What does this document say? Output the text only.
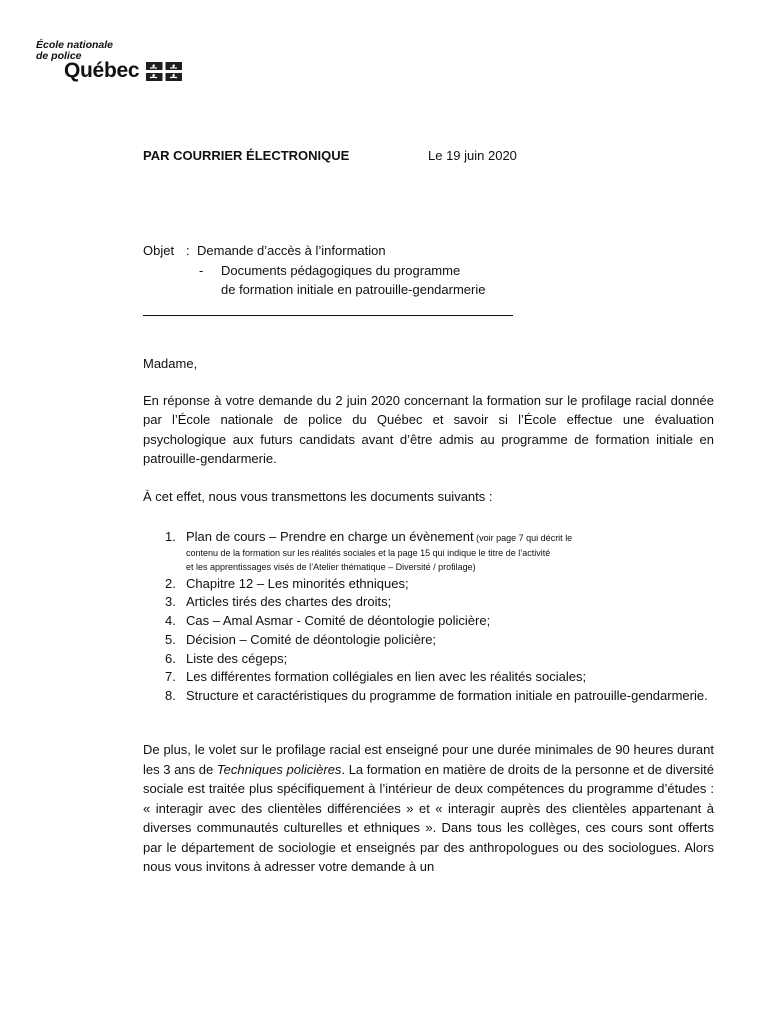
École nationale
de police
Québec
PAR COURRIER ÉLECTRONIQUE	Le 19 juin 2020
Objet : Demande d’accès à l’information
- Documents pédagogiques du programme
de formation initiale en patrouille-gendarmerie
Madame,

En réponse à votre demande du 2 juin 2020 concernant la formation sur le profilage racial donnée par l’École nationale de police du Québec et savoir si l’École effectue une évaluation psychologique aux futurs candidats avant d’être admis au programme de formation initiale en patrouille-gendarmerie.

À cet effet, nous vous transmettons les documents suivants :
1. Plan de cours – Prendre en charge un évènement (voir page 7 qui décrit le
contenu de la formation sur les réalités sociales et la page 15 qui indique le titre de l’activité
et les apprentissages visés de l’Atelier thématique – Diversité / profilage)
2. Chapitre 12 – Les minorités ethniques;
3. Articles tirés des chartes des droits;
4. Cas – Amal Asmar - Comité de déontologie policière;
5. Décision – Comité de déontologie policière;
6. Liste des cégeps;
7. Les différentes formation collégiales en lien avec les réalités sociales;
8. Structure et caractéristiques du programme de formation initiale en patrouille-gendarmerie.

De plus, le volet sur le profilage racial est enseigné pour une durée minimales de 90 heures durant les 3 ans de Techniques policières. La formation en matière de droits de la personne et de diversité sociale est traitée plus spécifiquement à l’intérieur de deux compétences du programme d’études : « interagir avec des clientèles différenciées » et « interagir auprès des clientèles appartenant à diverses communautés culturelles et ethniques ». Dans tous les collèges, ces cours sont offerts par le département de sociologie et enseignés par des anthropologues ou des sociologues. Alors nous vous invitons à adresser votre demande à un
